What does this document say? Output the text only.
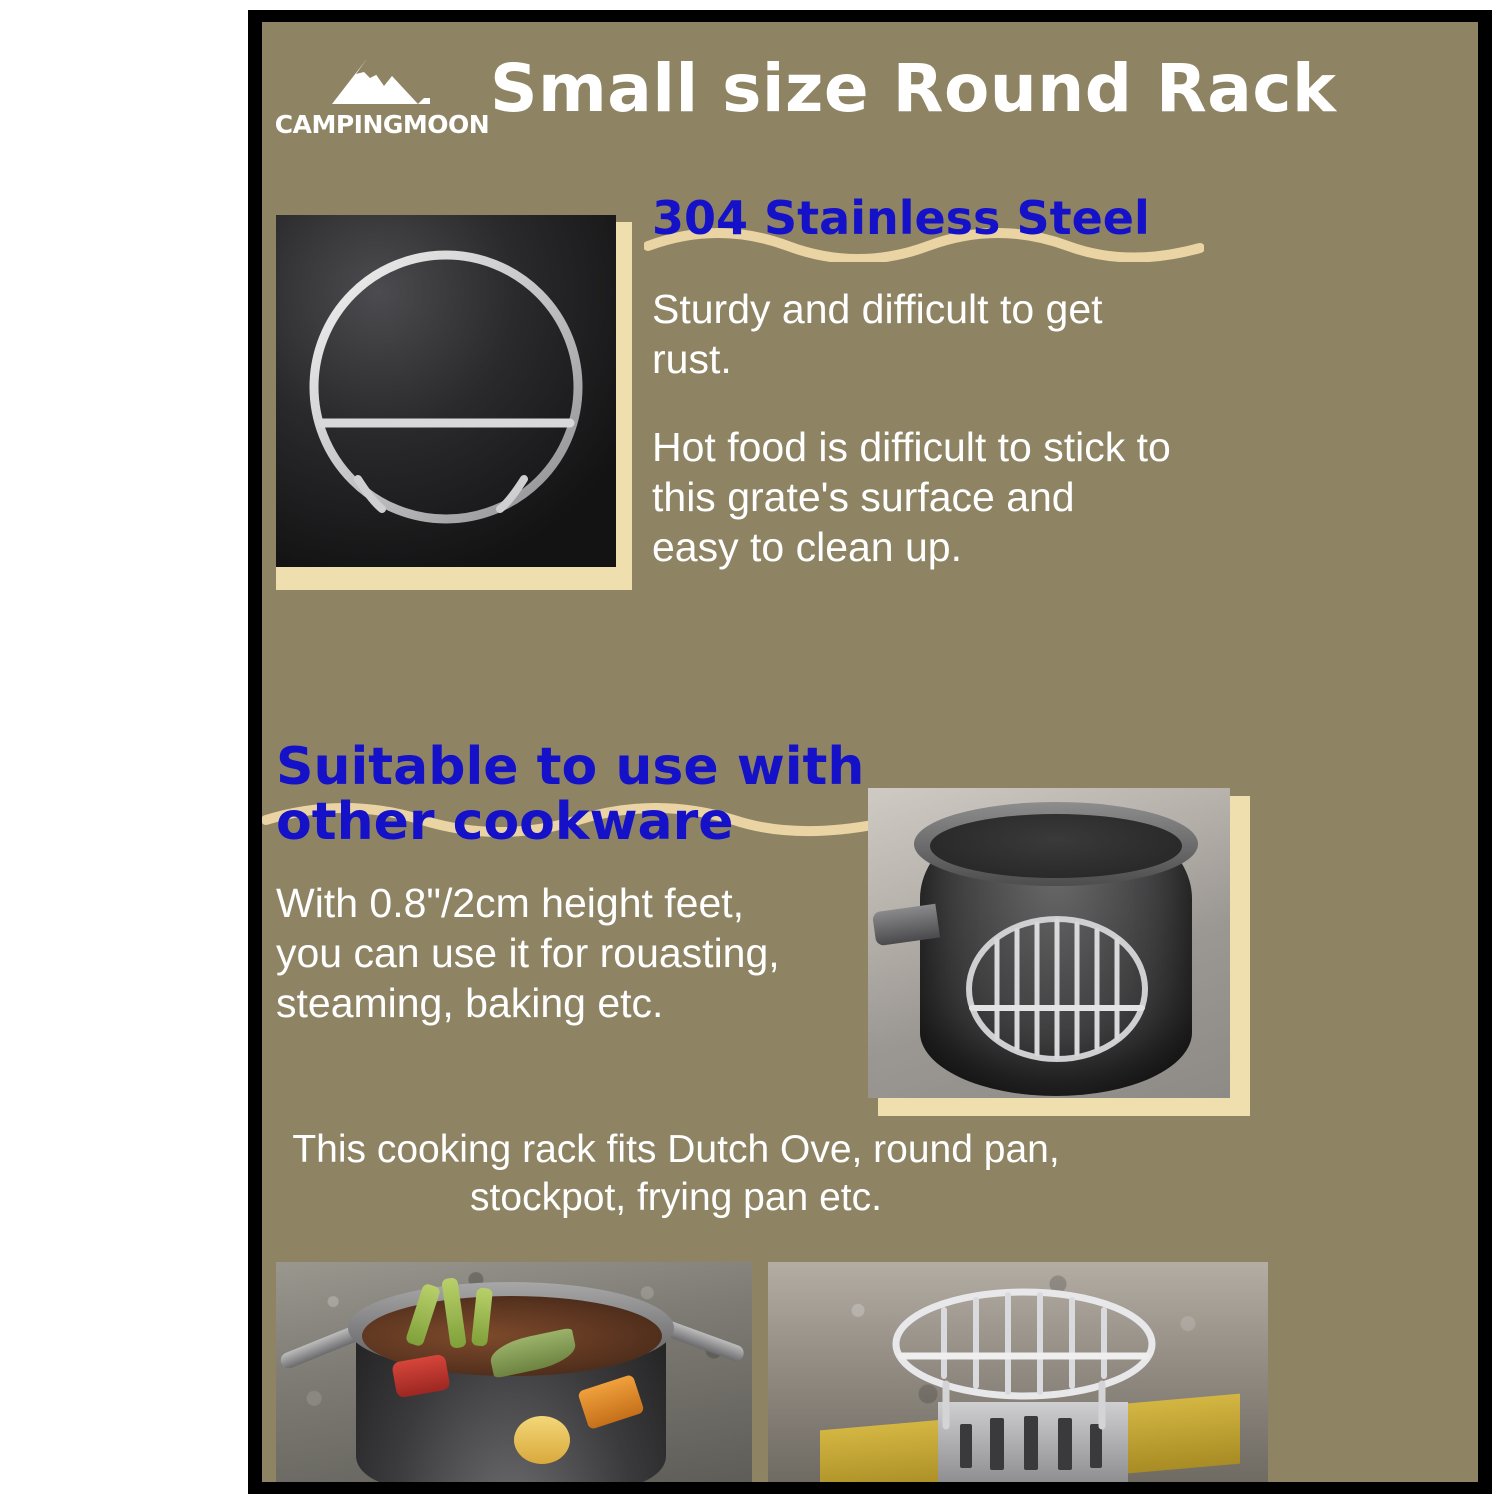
CAMPINGMOON Small size Round Rack
304 Stainless Steel
Sturdy and difficult to get rust.
Hot food is difficult to stick to this grate's surface and easy to clean up.
Suitable to use with other cookware
With 0.8"/2cm height feet, you can use it for rouasting, steaming, baking etc.
This cooking rack fits Dutch Ove, round pan, stockpot, frying pan etc.
